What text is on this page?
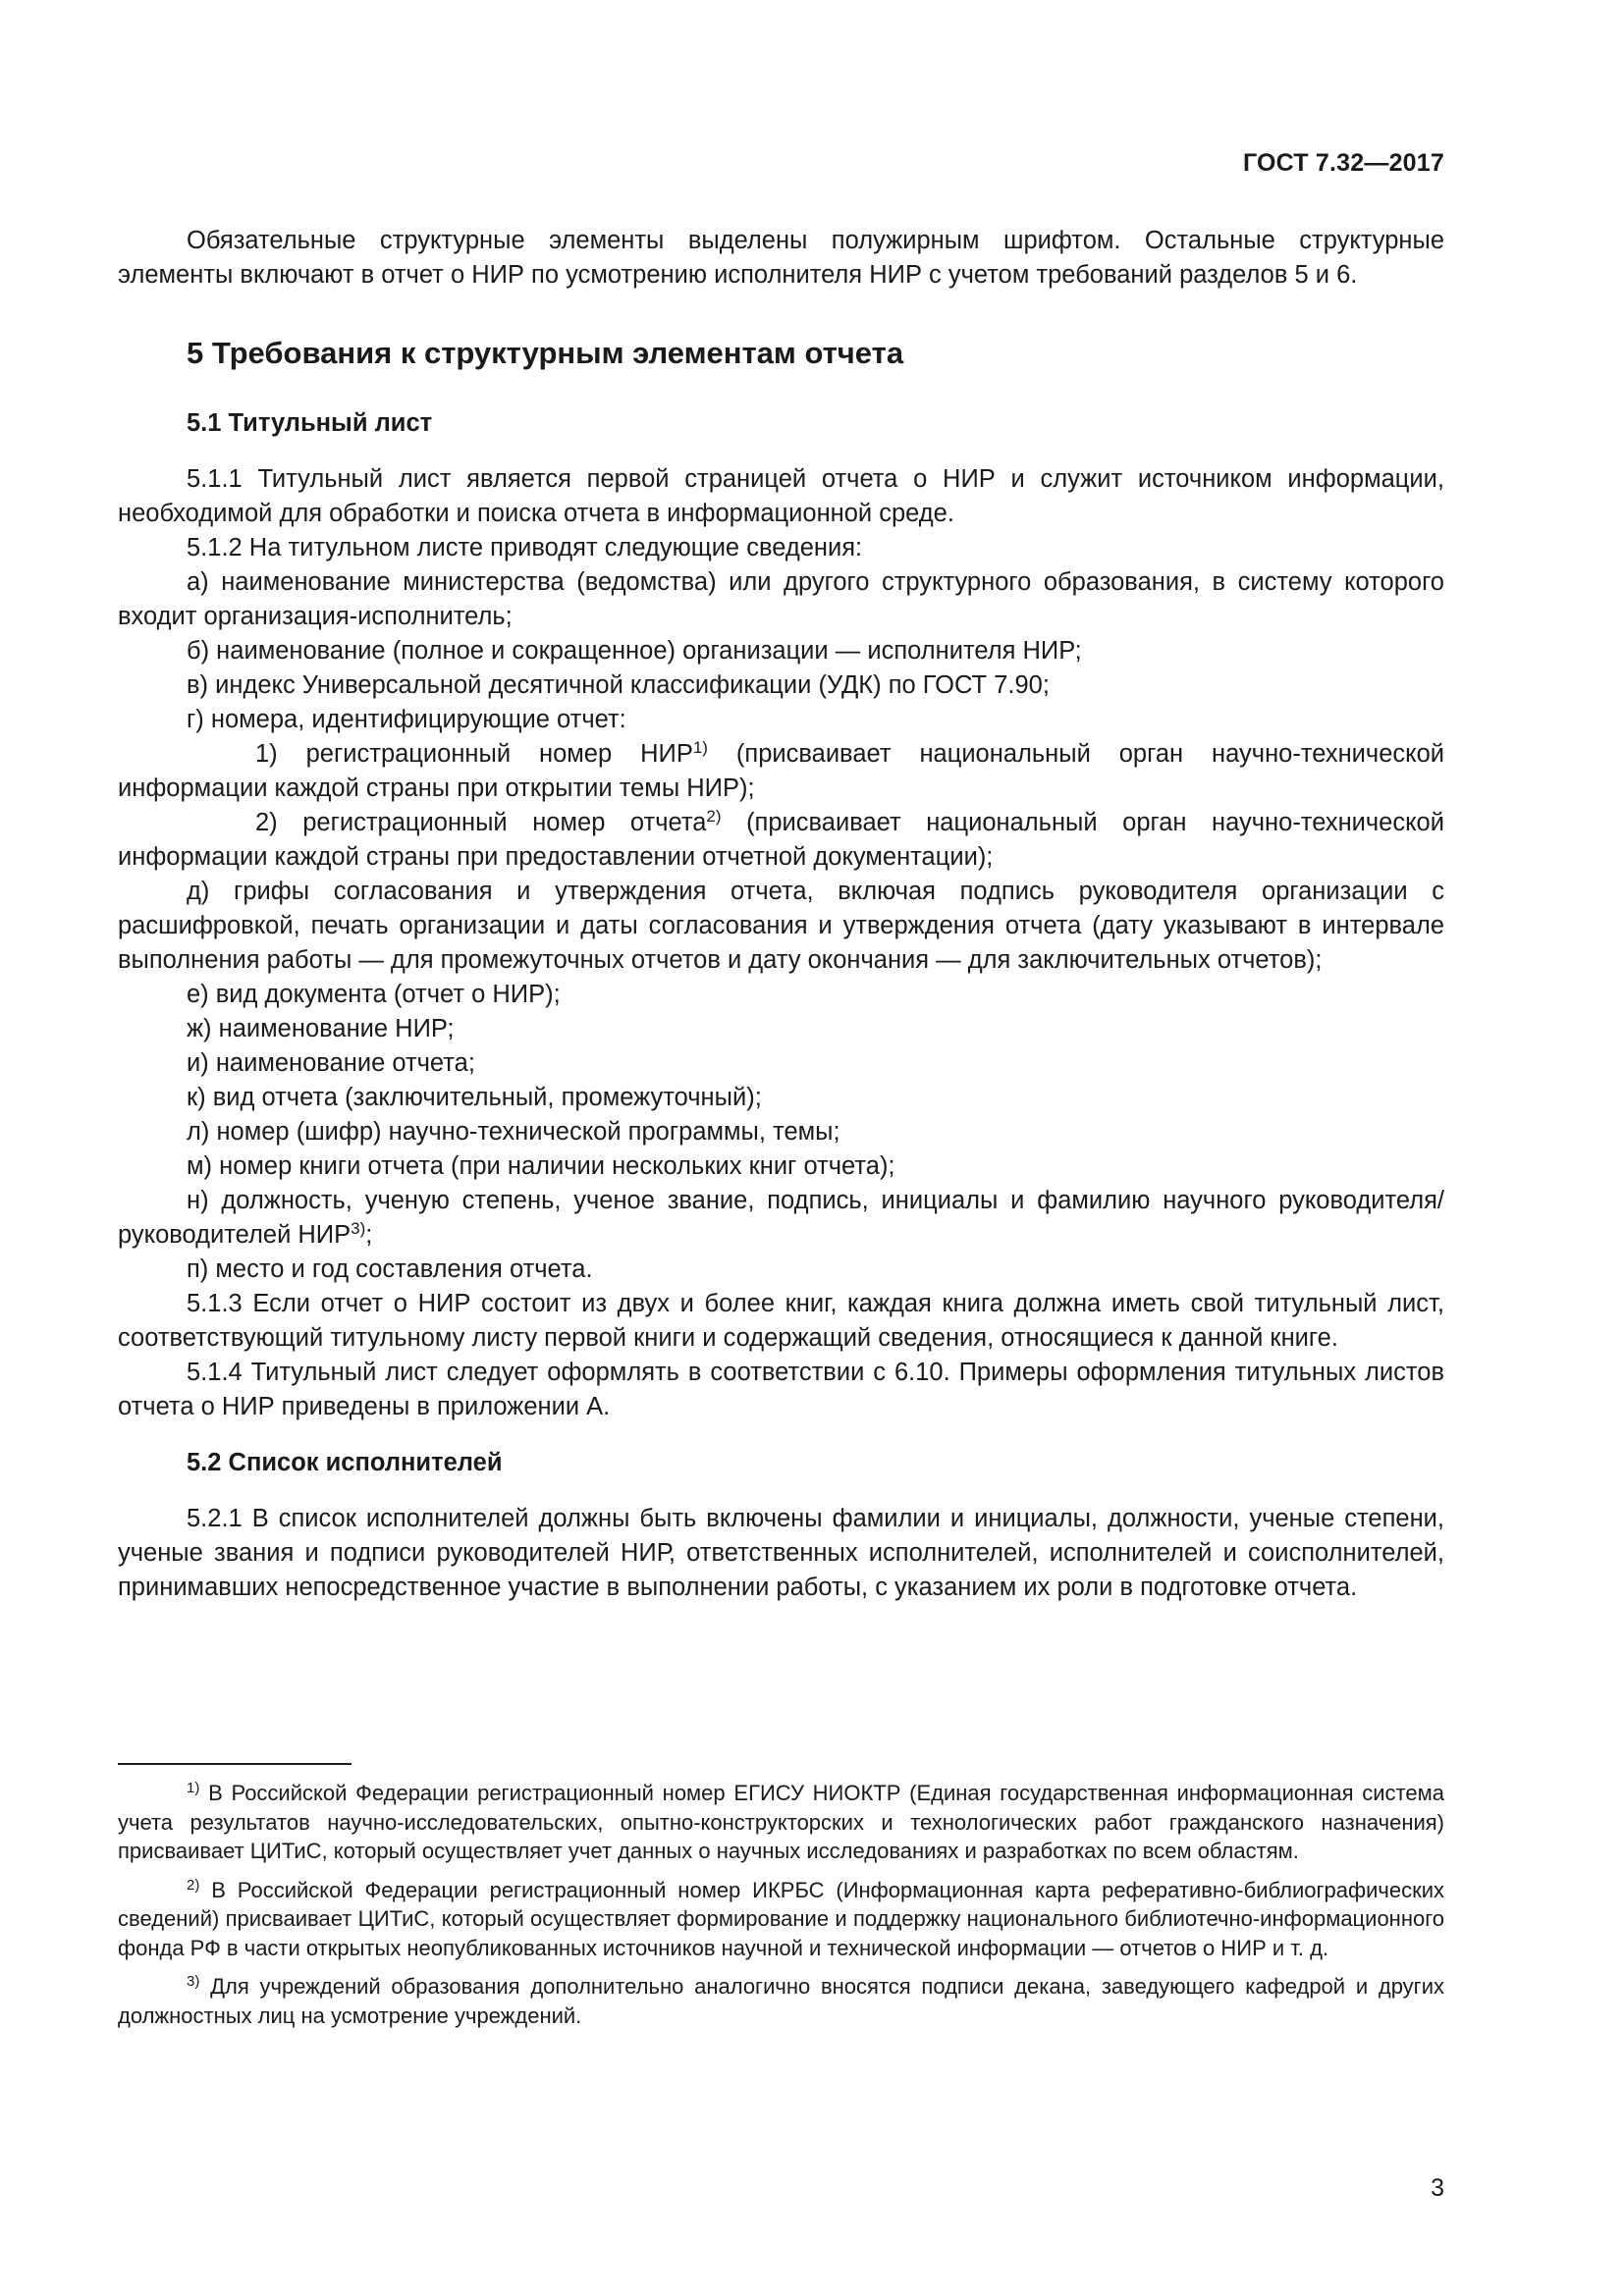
ГОСТ 7.32—2017

Обязательные структурные элементы выделены полужирным шрифтом. Остальные структурные элементы включают в отчет о НИР по усмотрению исполнителя НИР с учетом требований разделов 5 и 6.

5 Требования к структурным элементам отчета
5.1 Титульный лист

5.1.1 Титульный лист является первой страницей отчета о НИР и служит источником информации, необходимой для обработки и поиска отчета в информационной среде.

5.1.2 На титульном листе приводят следующие сведения:

а) наименование министерства (ведомства) или другого структурного образования, в систему которого входит организация-исполнитель;

б) наименование (полное и сокращенное) организации — исполнителя НИР;

в) индекс Универсальной десятичной классификации (УДК) по ГОСТ 7.90;

г) номера, идентифицирующие отчет:

1) регистрационный номер НИР$^{1)}$ (присваивает национальный орган научно-технической информации каждой страны при открытии темы НИР);

2) регистрационный номер отчета$^{2)}$ (присваивает национальный орган научно-технической информации каждой страны при предоставлении отчетной документации);

д) грифы согласования и утверждения отчета, включая подпись руководителя организации с расшифровкой, печать организации и даты согласования и утверждения отчета (дату указывают в интервале выполнения работы — для промежуточных отчетов и дату окончания — для заключительных отчетов);

е) вид документа (отчет о НИР);

ж) наименование НИР;

и) наименование отчета;

к) вид отчета (заключительный, промежуточный);

л) номер (шифр) научно-технической программы, темы;

м) номер книги отчета (при наличии нескольких книг отчета);

н) должность, ученую степень, ученое звание, подпись, инициалы и фамилию научного руководителя/руководителей НИР$^{3)}$;

п) место и год составления отчета.

5.1.3 Если отчет о НИР состоит из двух и более книг, каждая книга должна иметь свой титульный лист, соответствующий титульному листу первой книги и содержащий сведения, относящиеся к данной книге.

5.1.4 Титульный лист следует оформлять в соответствии с 6.10. Примеры оформления титульных листов отчета о НИР приведены в приложении А.

5.2 Список исполнителей

5.2.1 В список исполнителей должны быть включены фамилии и инициалы, должности, ученые степени, ученые звания и подписи руководителей НИР, ответственных исполнителей, исполнителей и соисполнителей, принимавших непосредственное участие в выполнении работы, с указанием их роли в подготовке отчета.

$^{1)}$ В Российской Федерации регистрационный номер ЕГИСУ НИОКТР (Единая государственная информационная система учета результатов научно-исследовательских, опытно-конструкторских и технологических работ гражданского назначения) присваивает ЦИТиС, который осуществляет учет данных о научных исследованиях и разработках по всем областям.

$^{2)}$ В Российской Федерации регистрационный номер ИКРБС (Информационная карта реферативно-библиографических сведений) присваивает ЦИТиС, который осуществляет формирование и поддержку национального библиотечно-информационного фонда РФ в части открытых неопубликованных источников научной и технической информации — отчетов о НИР и т. д.

$^{3)}$ Для учреждений образования дополнительно аналогично вносятся подписи декана, заведующего кафедрой и других должностных лиц на усмотрение учреждений.

3
